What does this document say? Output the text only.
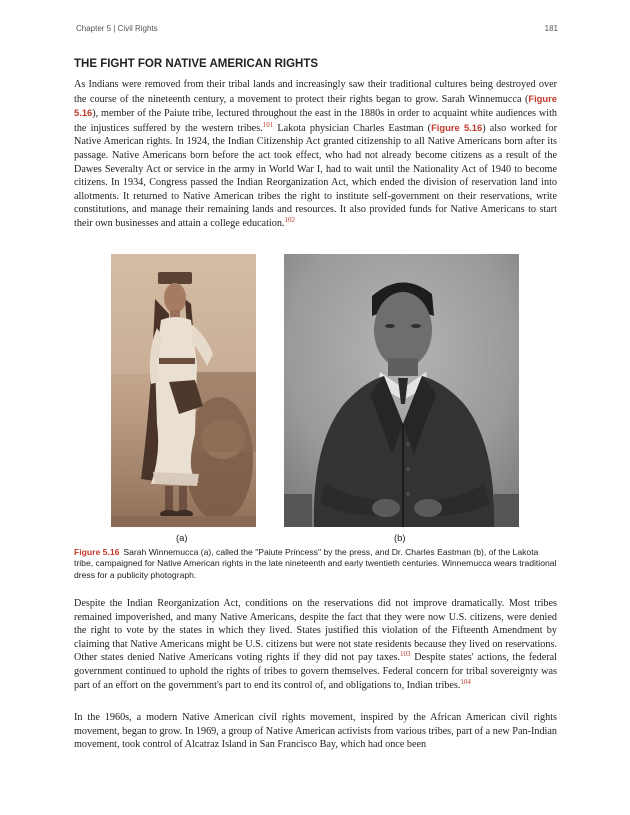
Chapter 5 | Civil Rights	181
THE FIGHT FOR NATIVE AMERICAN RIGHTS

As Indians were removed from their tribal lands and increasingly saw their traditional cultures being destroyed over the course of the nineteenth century, a movement to protect their rights began to grow. Sarah Winnemucca (Figure 5.16), member of the Paiute tribe, lectured throughout the east in the 1880s in order to acquaint white audiences with the injustices suffered by the western tribes.$^{101}$ Lakota physician Charles Eastman (Figure 5.16) also worked for Native American rights. In 1924, the Indian Citizenship Act granted citizenship to all Native Americans born after its passage. Native Americans born before the act took effect, who had not already become citizens as a result of the Dawes Severalty Act or service in the army in World War I, had to wait until the Nationality Act of 1940 to become citizens. In 1934, Congress passed the Indian Reorganization Act, which ended the division of reservation land into allotments. It returned to Native American tribes the right to institute self-government on their reservations, write constitutions, and manage their remaining lands and resources. It also provided funds for Native Americans to start their own businesses and attain a college education.$^{102}$

(a)	(b)

Figure 5.16 Sarah Winnemucca (a), called the "Paiute Princess" by the press, and Dr. Charles Eastman (b), of the Lakota tribe, campaigned for Native American rights in the late nineteenth and early twentieth centuries. Winnemucca wears traditional dress for a publicity photograph.

Despite the Indian Reorganization Act, conditions on the reservations did not improve dramatically. Most tribes remained impoverished, and many Native Americans, despite the fact that they were now U.S. citizens, were denied the right to vote by the states in which they lived. States justified this violation of the Fifteenth Amendment by claiming that Native Americans might be U.S. citizens but were not state residents because they lived on reservations. Other states denied Native Americans voting rights if they did not pay taxes.$^{103}$ Despite states' actions, the federal government continued to uphold the rights of tribes to govern themselves. Federal concern for tribal sovereignty was part of an effort on the government's part to end its control of, and obligations to, Indian tribes.$^{104}$

In the 1960s, a modern Native American civil rights movement, inspired by the African American civil rights movement, began to grow. In 1969, a group of Native American activists from various tribes, part of a new Pan-Indian movement, took control of Alcatraz Island in San Francisco Bay, which had once been
